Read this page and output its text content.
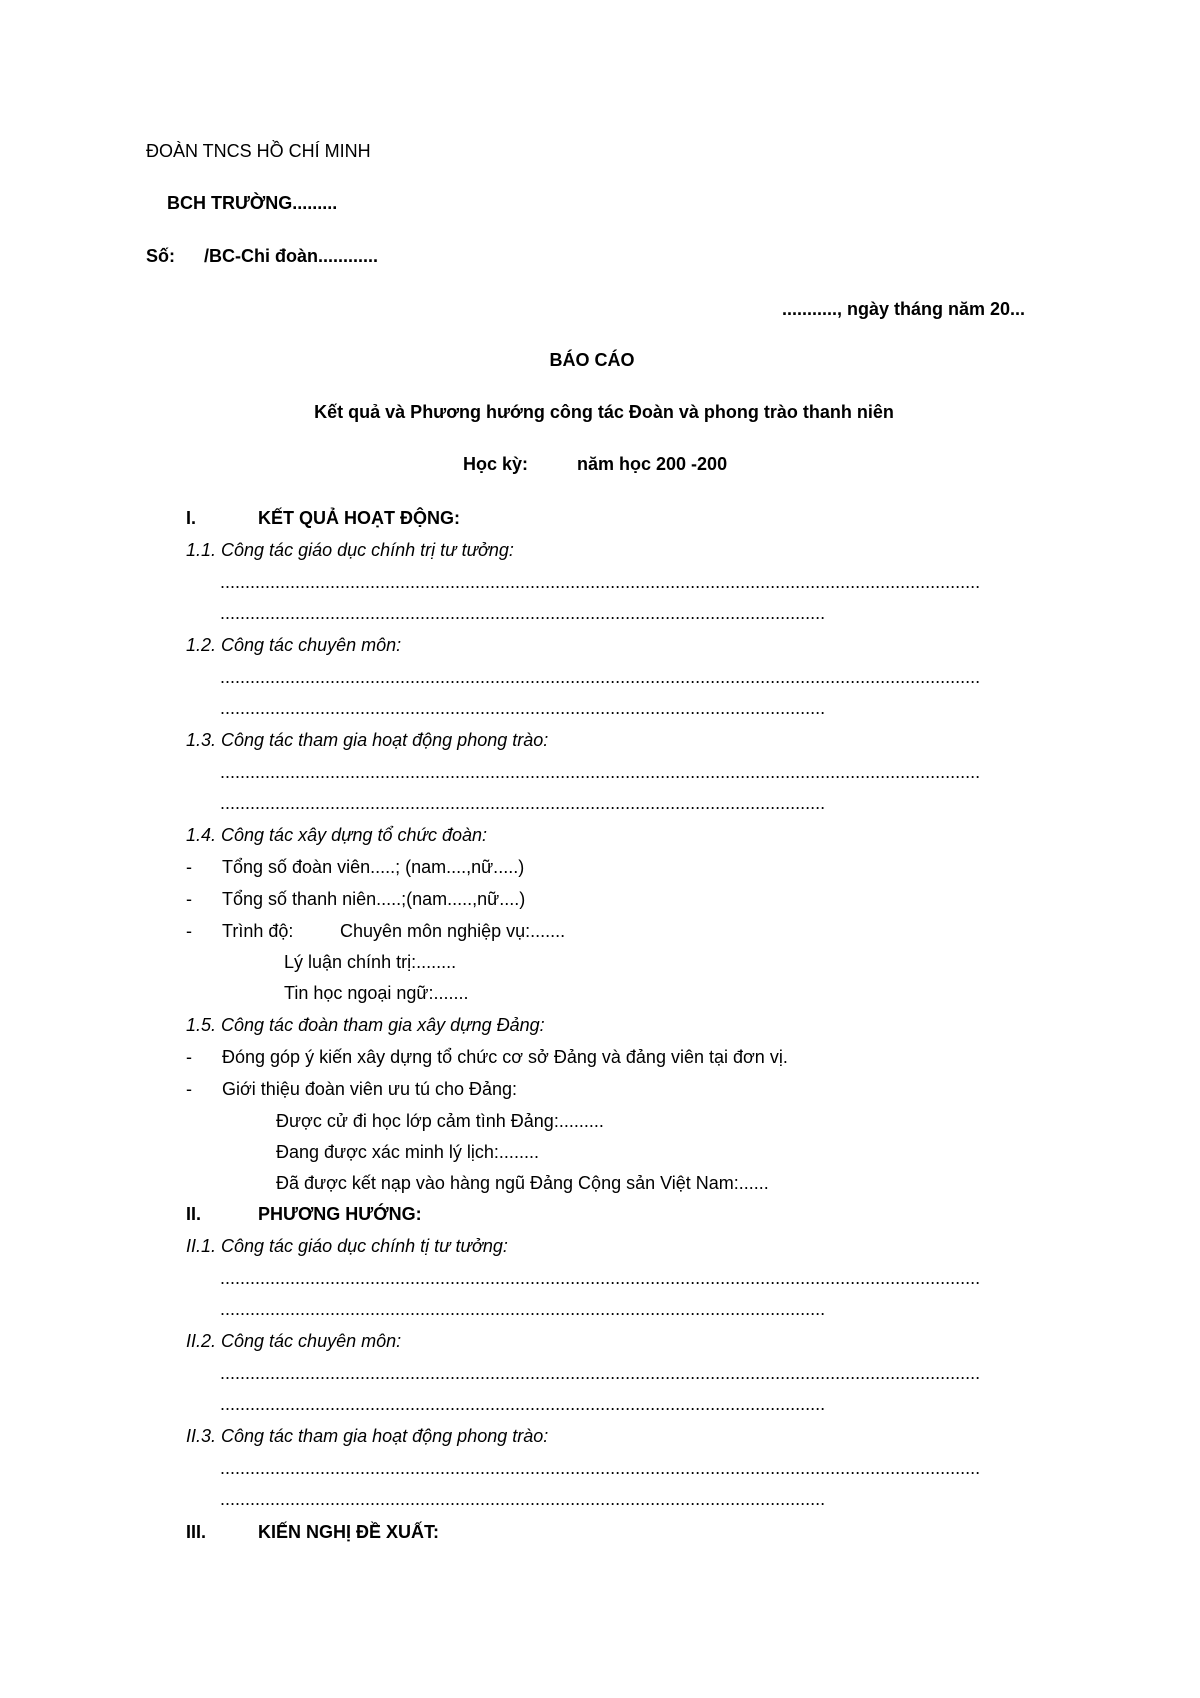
ĐOÀN TNCS HỒ CHÍ MINH
BCH TRƯỜNG.........
Số: /BC-Chi đoàn............
..........., ngày tháng năm 20...
BÁO CÁO
Kết quả và Phương hướng công tác Đoàn và phong trào thanh niên
Học kỳ:	năm học 200 -200
I.	KẾT QUẢ HOẠT ĐỘNG:
1.1. Công tác giáo dục chính trị tư tưởng:
........................................................................................................................................................
.........................................................................................................................
1.2. Công tác chuyên môn:
........................................................................................................................................................
.........................................................................................................................
1.3. Công tác tham gia hoạt động phong trào:
........................................................................................................................................................
.........................................................................................................................
1.4. Công tác xây dựng tổ chức đoàn:
- Tổng số đoàn viên.....; (nam....,nữ.....)
- Tổng số thanh niên.....;(nam.....,nữ....)
- Trình độ:	Chuyên môn nghiệp vụ:.......
Lý luận chính trị:........
Tin học ngoại ngữ:.......
1.5. Công tác đoàn tham gia xây dựng Đảng:
- Đóng góp ý kiến xây dựng tổ chức cơ sở Đảng và đảng viên tại đơn vị.
- Giới thiệu đoàn viên ưu tú cho Đảng:
Được cử đi học lớp cảm tình Đảng:.........
Đang được xác minh lý lịch:........
Đã được kết nạp vào hàng ngũ Đảng Cộng sản Việt Nam:......
II.	PHƯƠNG HƯỚNG:
II.1. Công tác giáo dục chính tị tư tưởng:
........................................................................................................................................................
.........................................................................................................................
II.2. Công tác chuyên môn:
........................................................................................................................................................
.........................................................................................................................
II.3. Công tác tham gia hoạt động phong trào:
........................................................................................................................................................
.........................................................................................................................
III.	KIẾN NGHỊ ĐỀ XUẤT:
